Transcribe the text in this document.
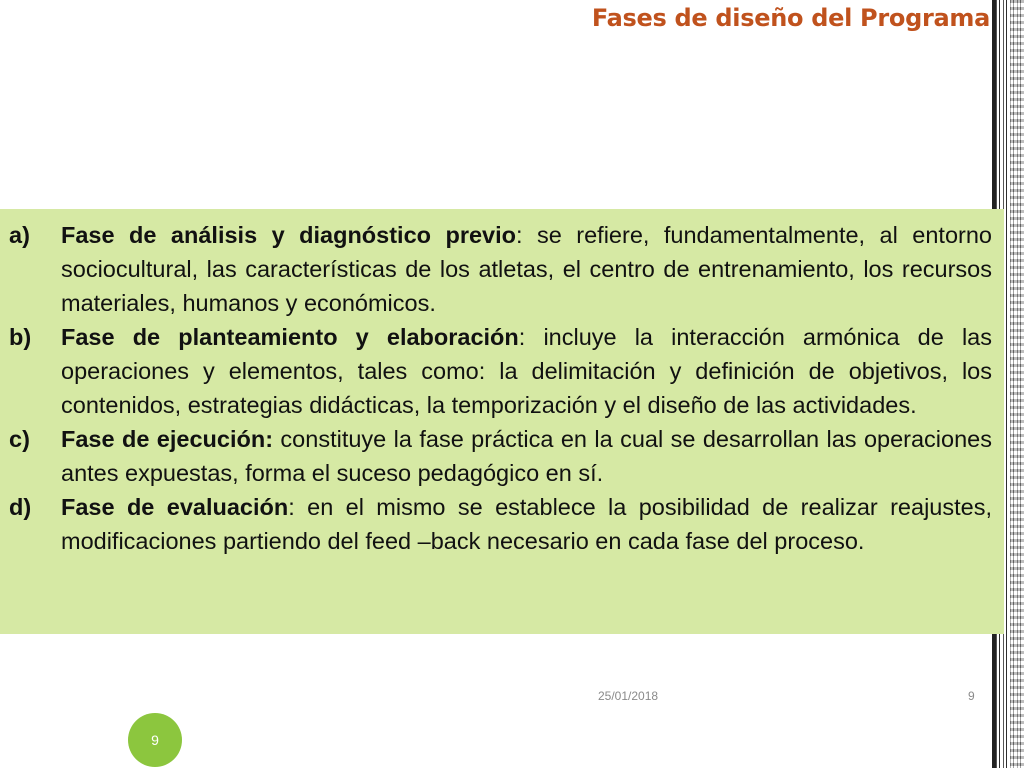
Fases de diseño del Programa
a)	Fase de análisis y diagnóstico previo: se refiere, fundamentalmente, al entorno sociocultural, las características de los atletas, el centro de entrenamiento, los recursos materiales, humanos y económicos.
b)	Fase de planteamiento y elaboración: incluye la interacción armónica de las operaciones y elementos, tales como: la delimitación y definición de objetivos, los contenidos, estrategias didácticas, la temporización y el diseño de las actividades.
c)	Fase de ejecución: constituye la fase práctica en la cual se desarrollan las operaciones antes expuestas, forma el suceso pedagógico en sí.
d)	Fase de evaluación: en el mismo se establece la posibilidad de realizar reajustes, modificaciones partiendo del feed –back necesario en cada fase del proceso.
25/01/2018	9
9
